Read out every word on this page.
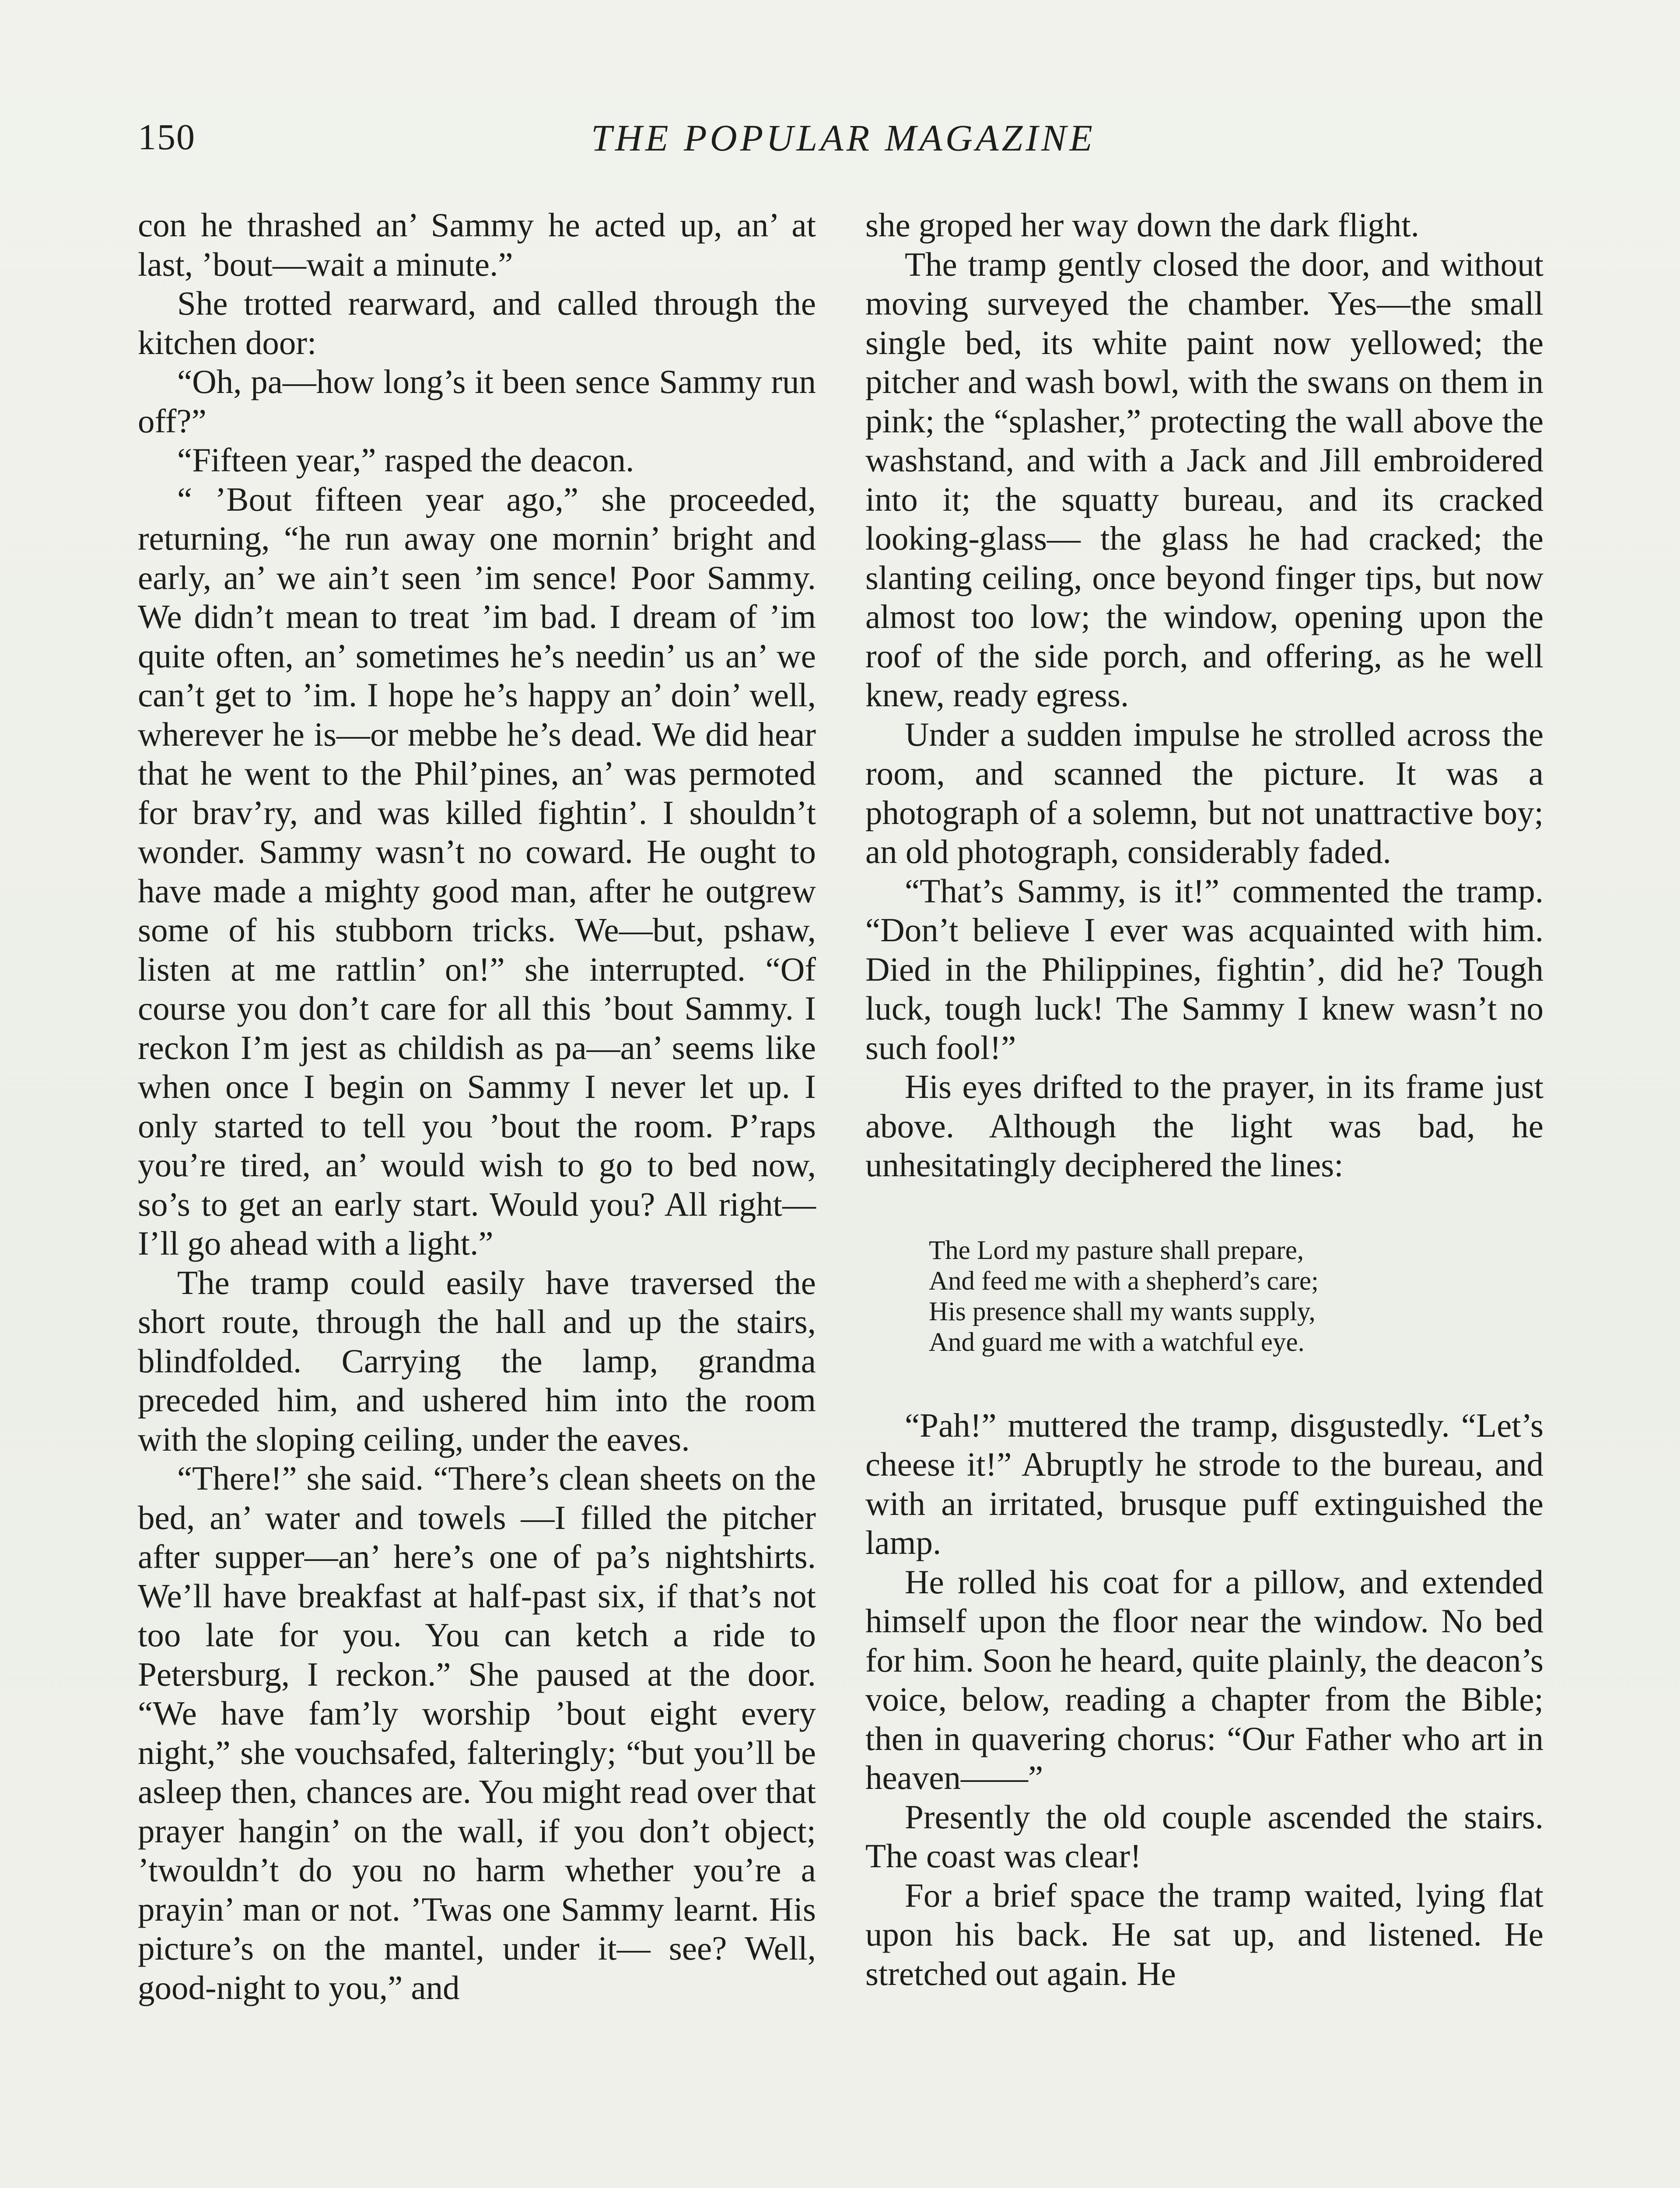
150	THE POPULAR MAGAZINE

con he thrashed an’ Sammy he acted up, an’ at last, ’bout—wait a minute.”

She trotted rearward, and called through the kitchen door:

“Oh, pa—how long’s it been sence Sammy run off?”

“Fifteen year,” rasped the deacon.

“ ’Bout fifteen year ago,” she proceeded, returning, “he run away one mornin’ bright and early, an’ we ain’t seen ’im sence! Poor Sammy. We didn’t mean to treat ’im bad. I dream of ’im quite often, an’ sometimes he’s needin’ us an’ we can’t get to ’im. I hope he’s happy an’ doin’ well, wherever he is—or mebbe he’s dead. We did hear that he went to the Phil’pines, an’ was permoted for brav’ry, and was killed fightin’. I shouldn’t wonder. Sammy wasn’t no coward. He ought to have made a mighty good man, after he outgrew some of his stubborn tricks. We—but, pshaw, listen at me rattlin’ on!” she interrupted. “Of course you don’t care for all this ’bout Sammy. I reckon I’m jest as childish as pa—an’ seems like when once I begin on Sammy I never let up. I only started to tell you ’bout the room. P’raps you’re tired, an’ would wish to go to bed now, so’s to get an early start. Would you? All right—I’ll go ahead with a light.”

The tramp could easily have traversed the short route, through the hall and up the stairs, blindfolded. Carrying the lamp, grandma preceded him, and ushered him into the room with the sloping ceiling, under the eaves.

“There!” she said. “There’s clean sheets on the bed, an’ water and towels —I filled the pitcher after supper—an’ here’s one of pa’s nightshirts. We’ll have breakfast at half-past six, if that’s not too late for you. You can ketch a ride to Petersburg, I reckon.” She paused at the door. “We have fam’ly worship ’bout eight every night,” she vouchsafed, falteringly; “but you’ll be asleep then, chances are. You might read over that prayer hangin’ on the wall, if you don’t object; ’twouldn’t do you no harm whether you’re a prayin’ man or not. ’Twas one Sammy learnt. His picture’s on the mantel, under it— see? Well, good-night to you,” and

she groped her way down the dark flight.

The tramp gently closed the door, and without moving surveyed the chamber. Yes—the small single bed, its white paint now yellowed; the pitcher and wash bowl, with the swans on them in pink; the “splasher,” protecting the wall above the washstand, and with a Jack and Jill embroidered into it; the squatty bureau, and its cracked looking-glass— the glass he had cracked; the slanting ceiling, once beyond finger tips, but now almost too low; the window, opening upon the roof of the side porch, and offering, as he well knew, ready egress.

Under a sudden impulse he strolled across the room, and scanned the picture. It was a photograph of a solemn, but not unattractive boy; an old photograph, considerably faded.

“That’s Sammy, is it!” commented the tramp. “Don’t believe I ever was acquainted with him. Died in the Philippines, fightin’, did he? Tough luck, tough luck! The Sammy I knew wasn’t no such fool!”

His eyes drifted to the prayer, in its frame just above. Although the light was bad, he unhesitatingly deciphered the lines:

The Lord my pasture shall prepare,
And feed me with a shepherd’s care;
His presence shall my wants supply,
And guard me with a watchful eye.

“Pah!” muttered the tramp, disgustedly. “Let’s cheese it!” Abruptly he strode to the bureau, and with an irritated, brusque puff extinguished the lamp.

He rolled his coat for a pillow, and extended himself upon the floor near the window. No bed for him. Soon he heard, quite plainly, the deacon’s voice, below, reading a chapter from the Bible; then in quavering chorus: “Our Father who art in heaven——”

Presently the old couple ascended the stairs. The coast was clear!

For a brief space the tramp waited, lying flat upon his back. He sat up, and listened. He stretched out again. He
